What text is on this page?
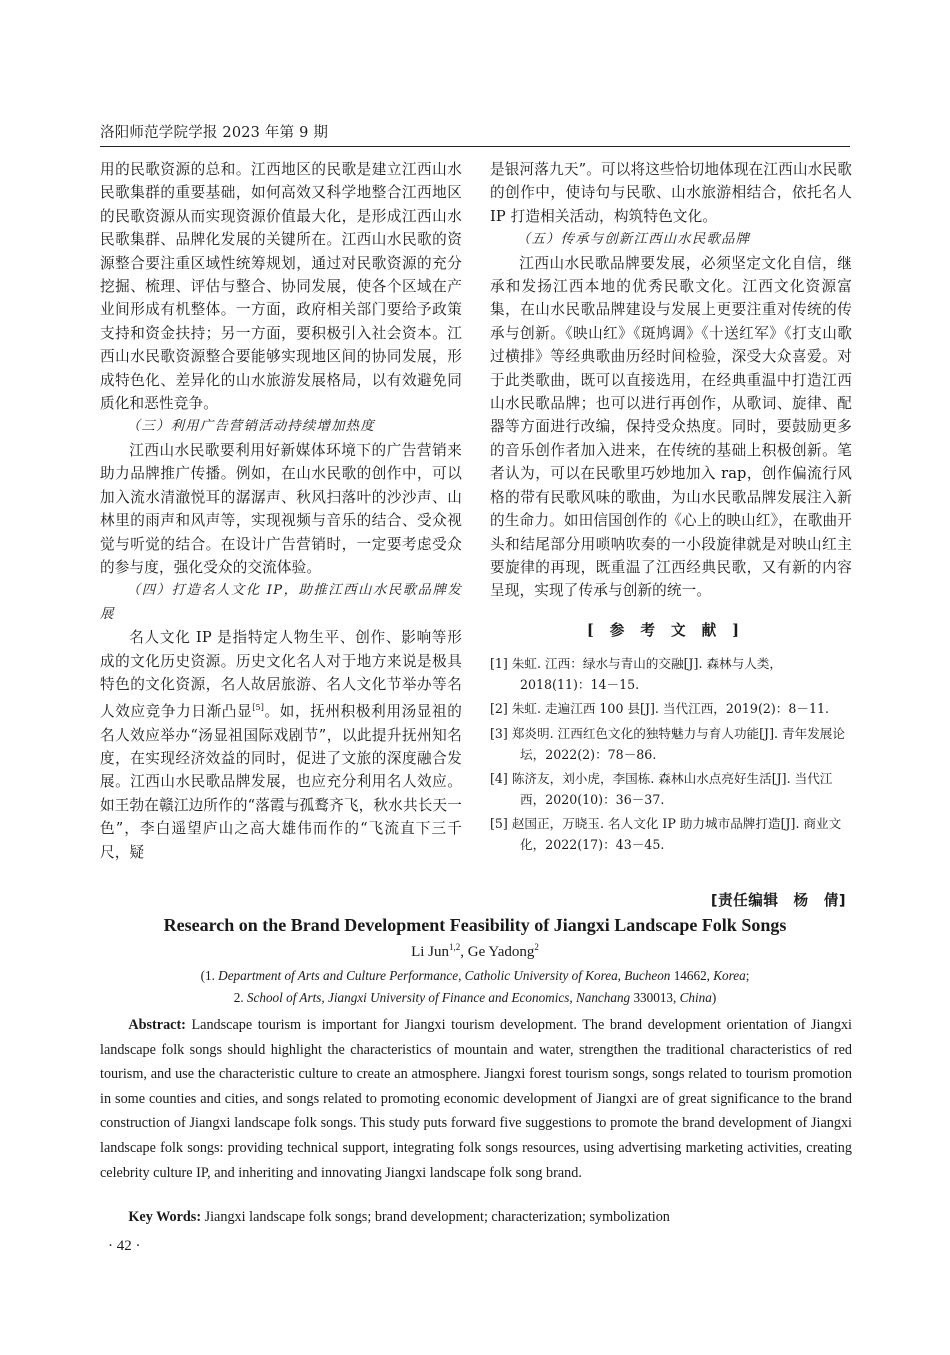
洛阳师范学院学报 2023 年第 9 期

用的民歌资源的总和。江西地区的民歌是建立江西山水民歌集群的重要基础，如何高效又科学地整合江西地区的民歌资源从而实现资源价值最大化，是形成江西山水民歌集群、品牌化发展的关键所在。江西山水民歌的资源整合要注重区域性统筹规划，通过对民歌资源的充分挖掘、梳理、评估与整合、协同发展，使各个区域在产业间形成有机整体。一方面，政府相关部门要给予政策支持和资金扶持；另一方面，要积极引入社会资本。江西山水民歌资源整合要能够实现地区间的协同发展，形成特色化、差异化的山水旅游发展格局，以有效避免同质化和恶性竞争。

（三）利用广告营销活动持续增加热度

江西山水民歌要利用好新媒体环境下的广告营销来助力品牌推广传播。例如，在山水民歌的创作中，可以加入流水清澈悦耳的潺潺声、秋风扫落叶的沙沙声、山林里的雨声和风声等，实现视频与音乐的结合、受众视觉与听觉的结合。在设计广告营销时，一定要考虑受众的参与度，强化受众的交流体验。

（四）打造名人文化 IP，助推江西山水民歌品牌发展

名人文化 IP 是指特定人物生平、创作、影响等形成的文化历史资源。历史文化名人对于地方来说是极具特色的文化资源，名人故居旅游、名人文化节举办等名人效应竞争力日渐凸显[5]。如，抚州积极利用汤显祖的名人效应举办“汤显祖国际戏剧节”，以此提升抚州知名度，在实现经济效益的同时，促进了文旅的深度融合发展。江西山水民歌品牌发展，也应充分利用名人效应。如王勃在赣江边所作的“落霞与孤鹜齐飞，秋水共长天一色”，李白遥望庐山之高大雄伟而作的“飞流直下三千尺，疑

是银河落九天”。可以将这些恰切地体现在江西山水民歌的创作中，使诗句与民歌、山水旅游相结合，依托名人 IP 打造相关活动，构筑特色文化。

（五）传承与创新江西山水民歌品牌

江西山水民歌品牌要发展，必须坚定文化自信，继承和发扬江西本地的优秀民歌文化。江西文化资源富集，在山水民歌品牌建设与发展上更要注重对传统的传承与创新。《映山红》《斑鸠调》《十送红军》《打支山歌过横排》等经典歌曲历经时间检验，深受大众喜爱。对于此类歌曲，既可以直接选用，在经典重温中打造江西山水民歌品牌；也可以进行再创作，从歌词、旋律、配器等方面进行改编，保持受众热度。同时，要鼓励更多的音乐创作者加入进来，在传统的基础上积极创新。笔者认为，可以在民歌里巧妙地加入 rap，创作偏流行风格的带有民歌风味的歌曲，为山水民歌品牌发展注入新的生命力。如田信国创作的《心上的映山红》，在歌曲开头和结尾部分用唢呐吹奏的一小段旋律就是对映山红主要旋律的再现，既重温了江西经典民歌，又有新的内容呈现，实现了传承与创新的统一。

[参考文献]

[1] 朱虹. 江西：绿水与青山的交融[J]. 森林与人类，2018(11)：14－15.

[2] 朱虹. 走遍江西 100 县[J]. 当代江西，2019(2)：8－11.

[3] 郑炎明. 江西红色文化的独特魅力与育人功能[J]. 青年发展论坛，2022(2)：78－86.

[4] 陈济友，刘小虎，李国栋. 森林山水点亮好生活[J]. 当代江西，2020(10)：36－37.

[5] 赵国正，万晓玉. 名人文化 IP 助力城市品牌打造[J]. 商业文化，2022(17)：43－45.

[责任编辑　杨　倩]
Research on the Brand Development Feasibility of Jiangxi Landscape Folk Songs
Li Jun$^{1,2}$, Ge Yadong$^2$
(1. Department of Arts and Culture Performance, Catholic University of Korea, Bucheon 14662, Korea;
2. School of Arts, Jiangxi University of Finance and Economics, Nanchang 330013, China)

Abstract: Landscape tourism is important for Jiangxi tourism development. The brand development orientation of Jiangxi landscape folk songs should highlight the characteristics of mountain and water, strengthen the traditional characteristics of red tourism, and use the characteristic culture to create an atmosphere. Jiangxi forest tourism songs, songs related to tourism promotion in some counties and cities, and songs related to promoting economic development of Jiangxi are of great significance to the brand construction of Jiangxi landscape folk songs. This study puts forward five suggestions to promote the brand development of Jiangxi landscape folk songs: providing technical support, integrating folk songs resources, using advertising marketing activities, creating celebrity culture IP, and inheriting and innovating Jiangxi landscape folk song brand.

Key Words: Jiangxi landscape folk songs; brand development; characterization; symbolization

· 42 ·
